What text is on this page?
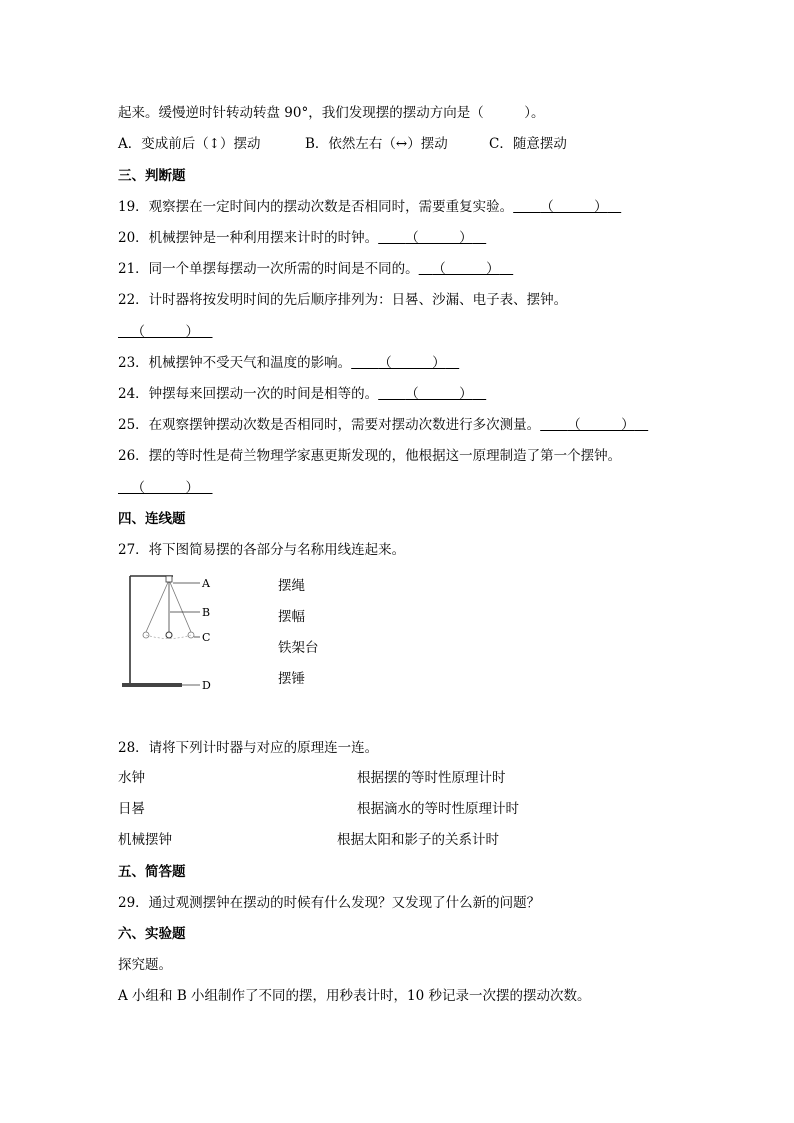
起来。缓慢逆时针转动转盘 90°，我们发现摆的摆动方向是（　　　）。
A．变成前后（↕）摆动	B．依然左右（↔）摆动	C．随意摆动
三、判断题
19．观察摆在一定时间内的摆动次数是否相同时，需要重复实验。   （　　　） 
20．机械摆钟是一种利用摆来计时的时钟。   （　　　） 
21．同一个单摆每摆动一次所需的时间是不同的。  （　　　） 
22．计时器将按发明时间的先后顺序排列为：日晷、沙漏、电子表、摆钟。
 （　　　） 
23．机械摆钟不受天气和温度的影响。   （　　　） 
24．钟摆每来回摆动一次的时间是相等的。   （　　　） 
25．在观察摆钟摆动次数是否相同时，需要对摆动次数进行多次测量。   （　　　） 
26．摆的等时性是荷兰物理学家惠更斯发现的，他根据这一原理制造了第一个摆钟。
 （　　　） 
四、连线题
27．将下图简易摆的各部分与名称用线连起来。
A
B
C
D
摆绳
摆幅
铁架台
摆锤
28．请将下列计时器与对应的原理连一连。
水钟
日晷
机械摆钟
根据摆的等时性原理计时
根据滴水的等时性原理计时
根据太阳和影子的关系计时
五、简答题
29．通过观测摆钟在摆动的时候有什么发现？又发现了什么新的问题？
六、实验题
探究题。
A 小组和 B 小组制作了不同的摆，用秒表计时，10 秒记录一次摆的摆动次数。
